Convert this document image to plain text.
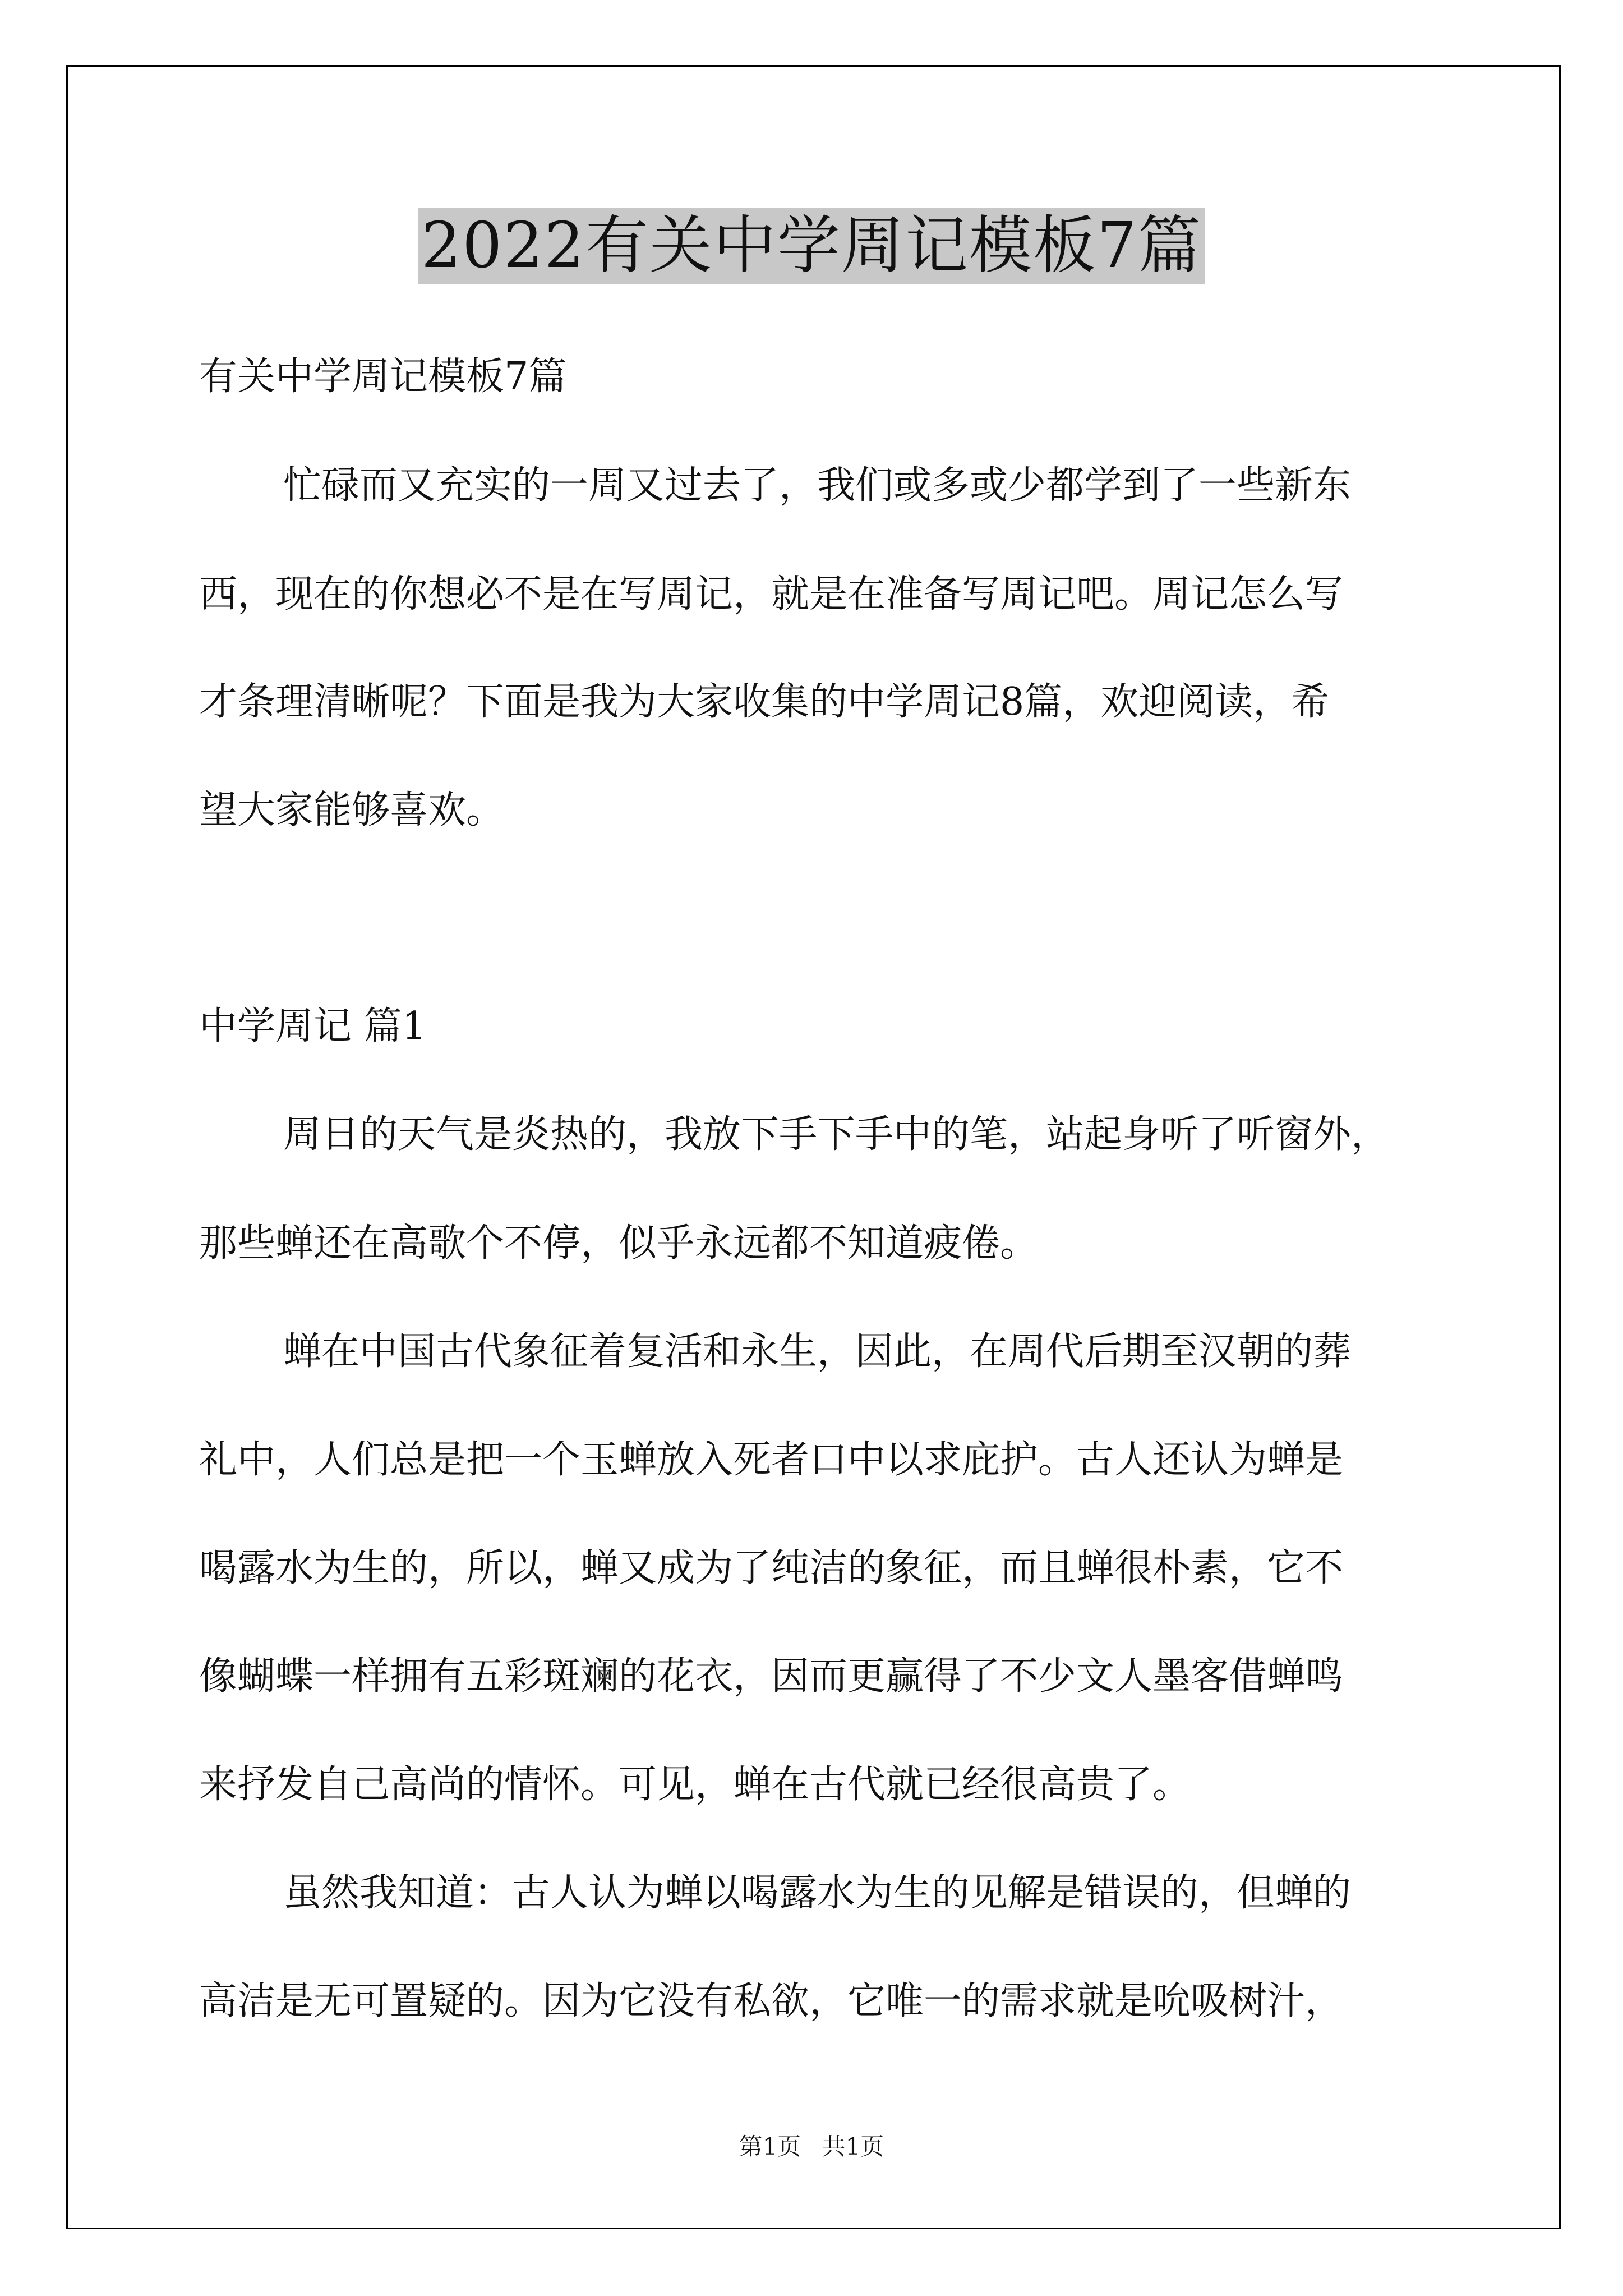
2022有关中学周记模板7篇
有关中学周记模板7篇
忙碌而又充实的一周又过去了，我们或多或少都学到了一些新东
西，现在的你想必不是在写周记，就是在准备写周记吧。周记怎么写
才条理清晰呢？下面是我为大家收集的中学周记8篇，欢迎阅读，希
望大家能够喜欢。
中学周记 篇1
周日的天气是炎热的，我放下手下手中的笔，站起身听了听窗外，
那些蝉还在高歌个不停，似乎永远都不知道疲倦。
蝉在中国古代象征着复活和永生，因此，在周代后期至汉朝的葬
礼中，人们总是把一个玉蝉放入死者口中以求庇护。古人还认为蝉是
喝露水为生的，所以，蝉又成为了纯洁的象征，而且蝉很朴素，它不
像蝴蝶一样拥有五彩斑斓的花衣，因而更赢得了不少文人墨客借蝉鸣
来抒发自己高尚的情怀。可见，蝉在古代就已经很高贵了。
虽然我知道：古人认为蝉以喝露水为生的见解是错误的，但蝉的
高洁是无可置疑的。因为它没有私欲，它唯一的需求就是吮吸树汁，
第1页 共1页
